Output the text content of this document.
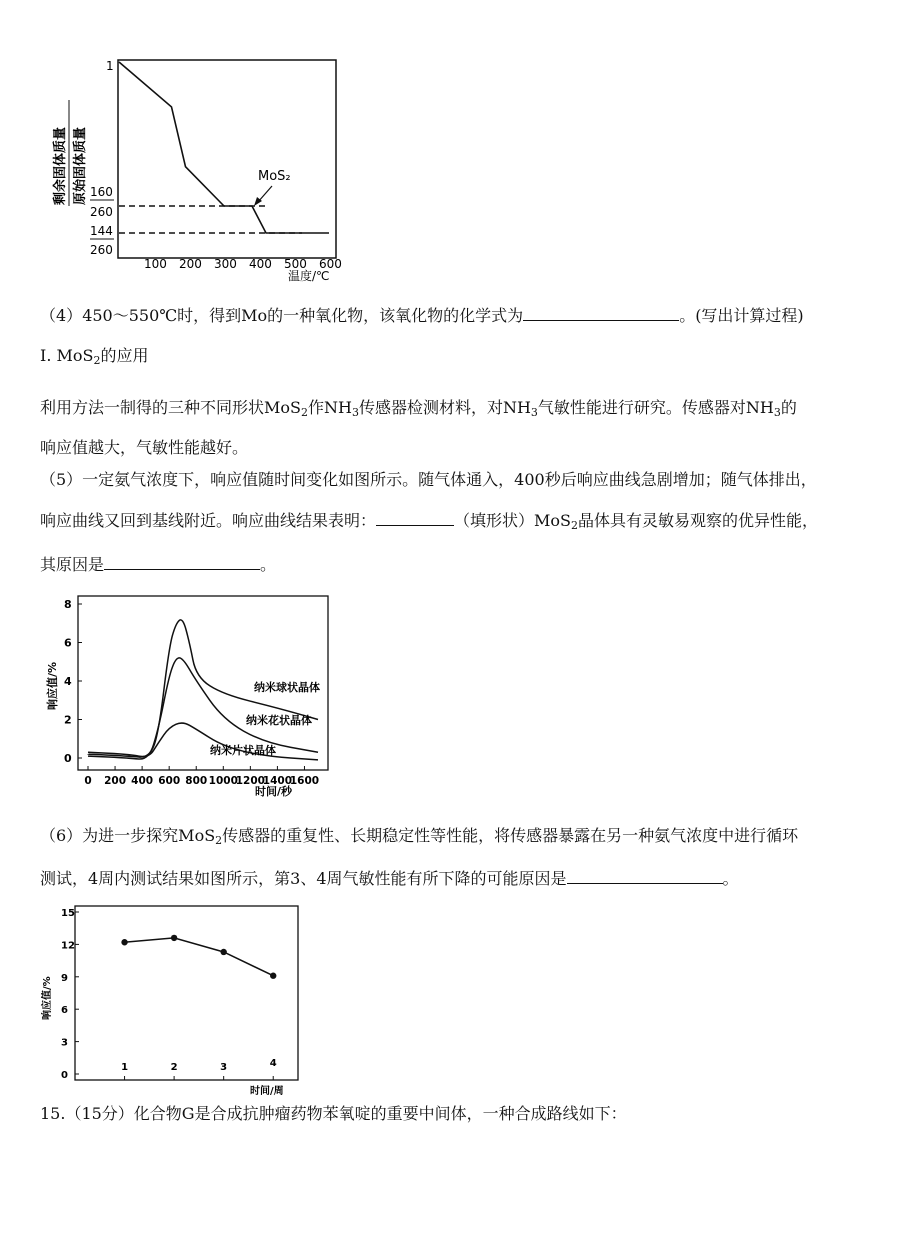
1
剩余固体质量 原始固体质量 160
260
144
260
100 200 300 400 500 600
温度/℃
MoS₂
（4）450～550℃时，得到Mo的一种氧化物，该氧化物的化学式为	。(写出计算过程)
I. MoS$_2$的应用
利用方法一制得的三种不同形状MoS$_2$作$NH_3$传感器检测材料，对$NH_3$气敏性能进行研究。传感器对$NH_3$的
响应值越大，气敏性能越好。
（5）一定氨气浓度下，响应值随时间变化如图所示。随气体通入，400秒后响应曲线急剧增加；随气体排出，
响应曲线又回到基线附近。响应曲线结果表明：	（填形状）MoS$_2$晶体具有灵敏易观察的优异性能，
其原因是	。
响应值/%
时间/秒
0
2
4
6
8
0 200 400 600 800 1000
1200
1400
1600
纳米球状晶体
纳米花状晶体
纳米片状晶体
（6）为进一步探究MoS$_2$传感器的重复性、长期稳定性等性能，将传感器暴露在另一种氨气浓度中进行循环
测试，4周内测试结果如图所示，第3、4周气敏性能有所下降的可能原因是	。
响应值/%
时间/周
0
3
6
9
12
15
1	2	3	4
15.（15分）化合物G是合成抗肿瘤药物苯氧啶的重要中间体，一种合成路线如下：
